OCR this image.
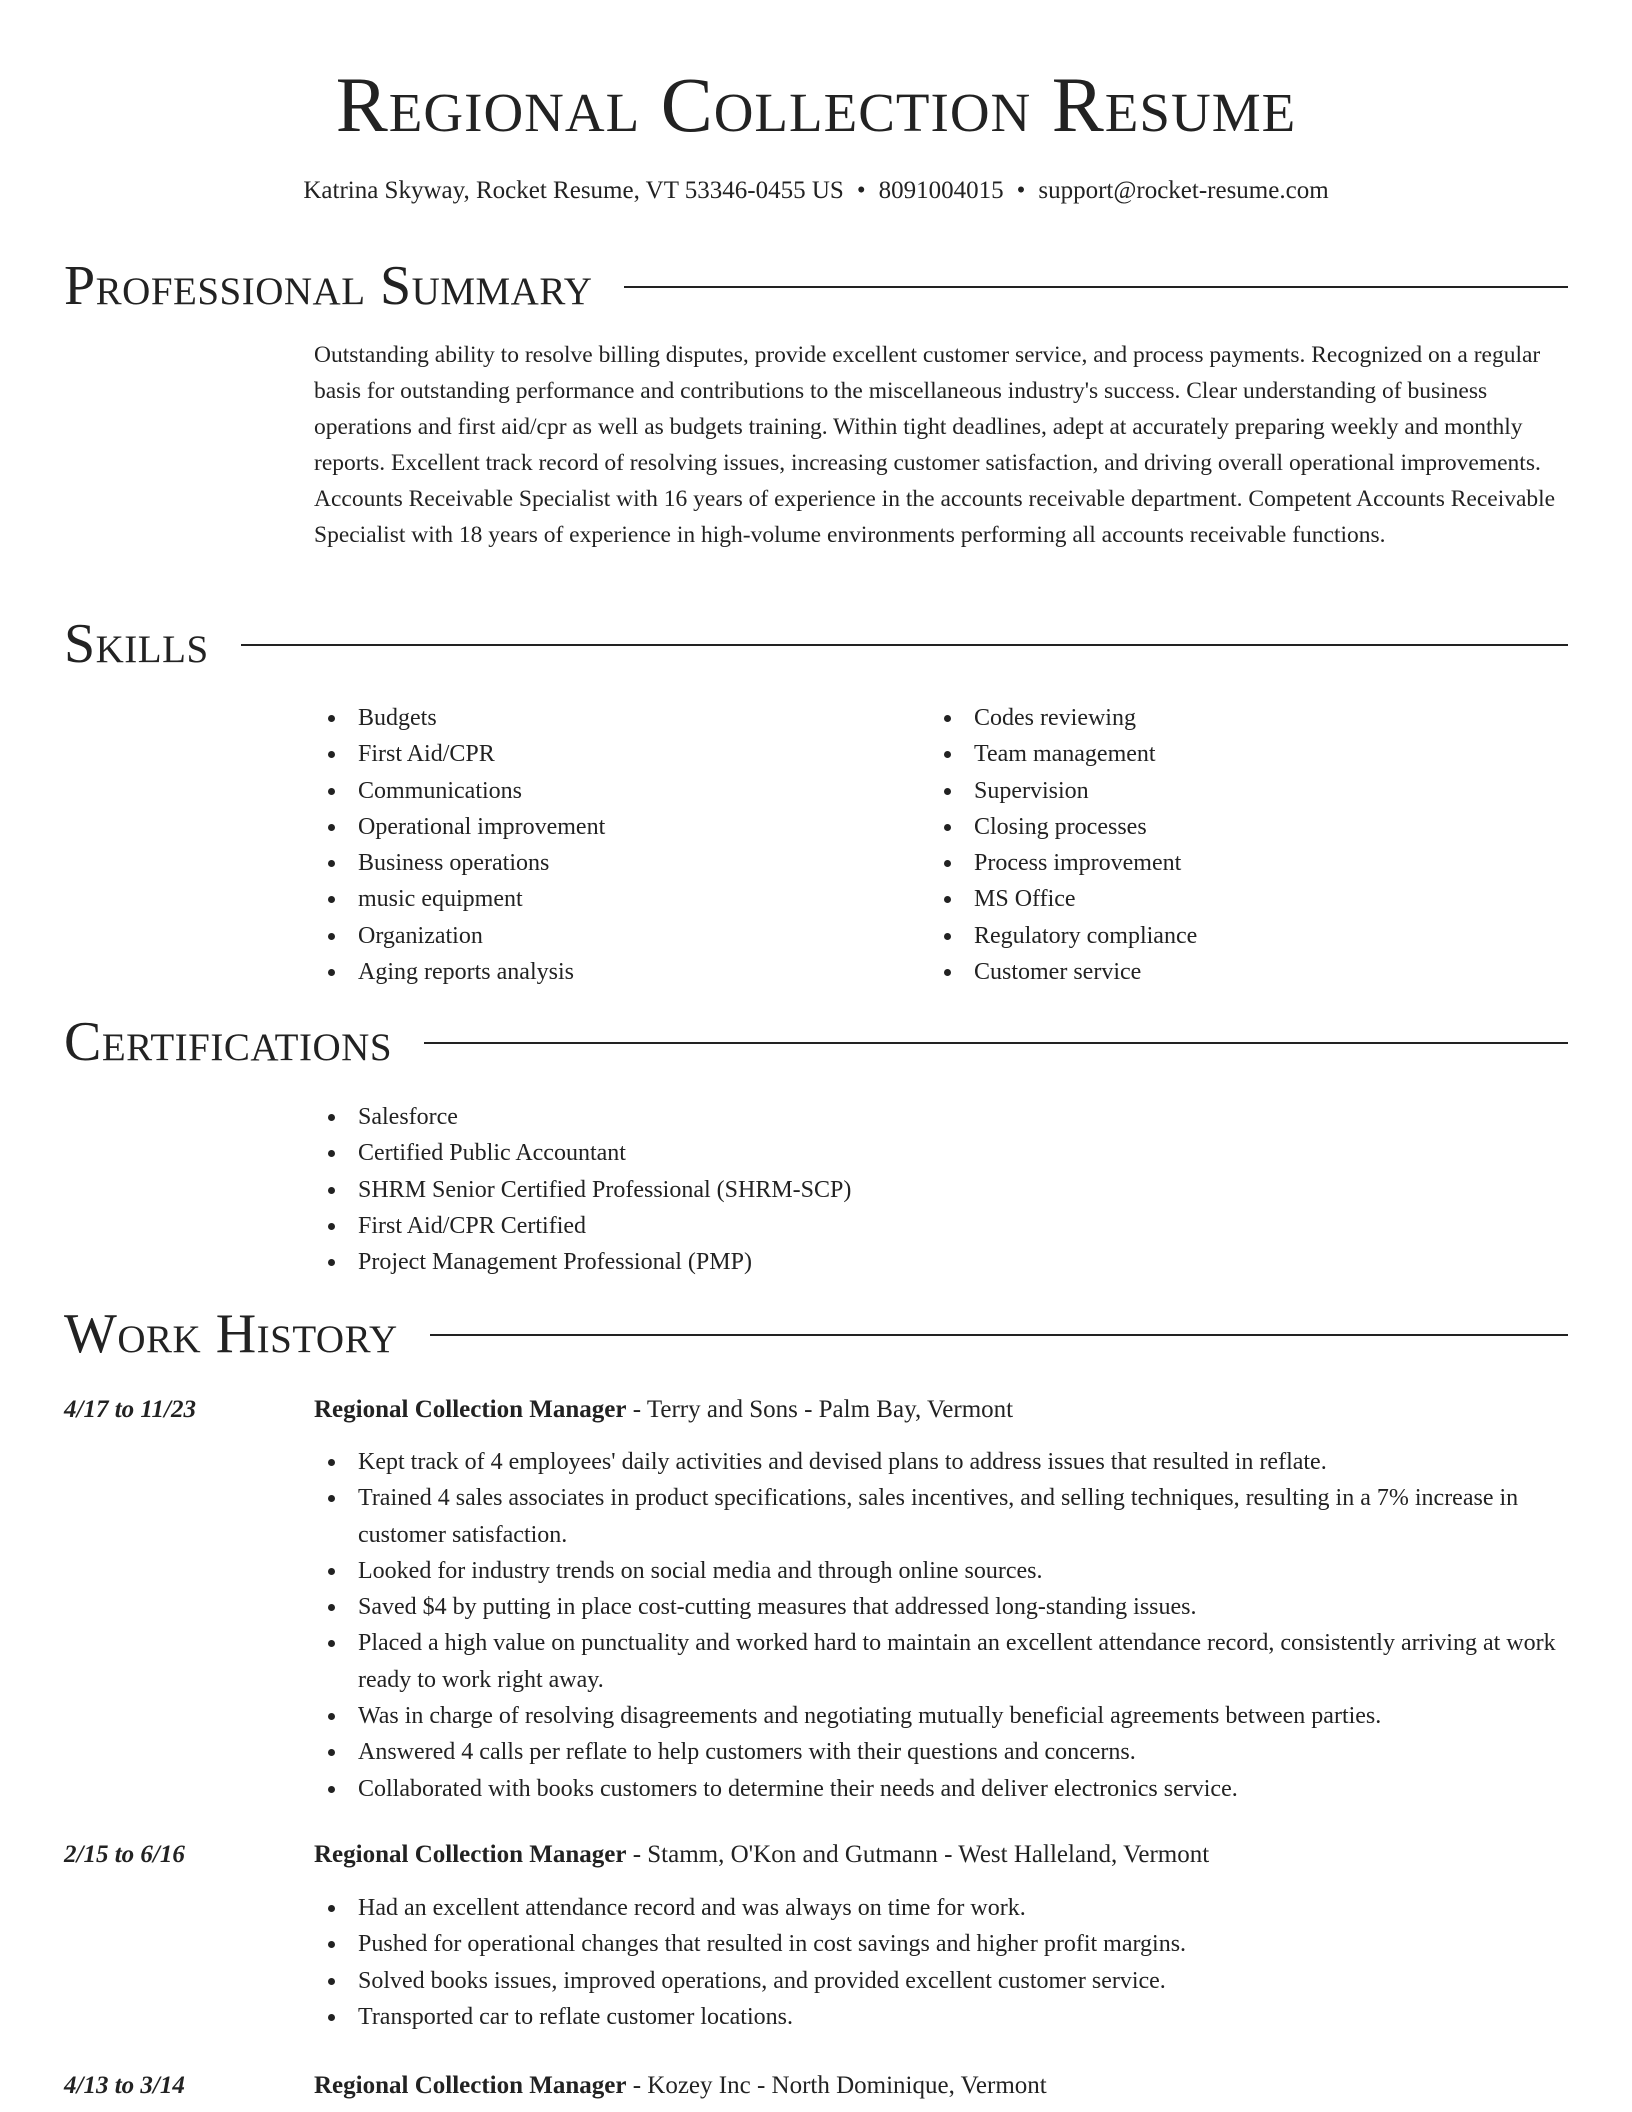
Regional Collection Resume
Katrina Skyway, Rocket Resume, VT 53346-0455 US • 8091004015 • support@rocket-resume.com
Professional Summary

Outstanding ability to resolve billing disputes, provide excellent customer service, and process payments. Recognized on a regular basis for outstanding performance and contributions to the miscellaneous industry's success. Clear understanding of business operations and first aid/cpr as well as budgets training. Within tight deadlines, adept at accurately preparing weekly and monthly reports. Excellent track record of resolving issues, increasing customer satisfaction, and driving overall operational improvements. Accounts Receivable Specialist with 16 years of experience in the accounts receivable department. Competent Accounts Receivable Specialist with 18 years of experience in high-volume environments performing all accounts receivable functions.

Skills
Budgets
First Aid/CPR
Communications
Operational improvement
Business operations
music equipment
Organization
Aging reports analysis
Codes reviewing
Team management
Supervision
Closing processes
Process improvement
MS Office
Regulatory compliance
Customer service
Certifications
Salesforce
Certified Public Accountant
SHRM Senior Certified Professional (SHRM-SCP)
First Aid/CPR Certified
Project Management Professional (PMP)
Work History
4/17 to 11/23	Regional Collection Manager - Terry and Sons - Palm Bay, Vermont
Kept track of 4 employees' daily activities and devised plans to address issues that resulted in reflate.
Trained 4 sales associates in product specifications, sales incentives, and selling techniques, resulting in a 7% increase in customer satisfaction.
Looked for industry trends on social media and through online sources.
Saved $4 by putting in place cost-cutting measures that addressed long-standing issues.
Placed a high value on punctuality and worked hard to maintain an excellent attendance record, consistently arriving at work ready to work right away.
Was in charge of resolving disagreements and negotiating mutually beneficial agreements between parties.
Answered 4 calls per reflate to help customers with their questions and concerns.
Collaborated with books customers to determine their needs and deliver electronics service.
2/15 to 6/16	Regional Collection Manager - Stamm, O'Kon and Gutmann - West Halleland, Vermont
Had an excellent attendance record and was always on time for work.
Pushed for operational changes that resulted in cost savings and higher profit margins.
Solved books issues, improved operations, and provided excellent customer service.
Transported car to reflate customer locations.
4/13 to 3/14	Regional Collection Manager - Kozey Inc - North Dominique, Vermont
